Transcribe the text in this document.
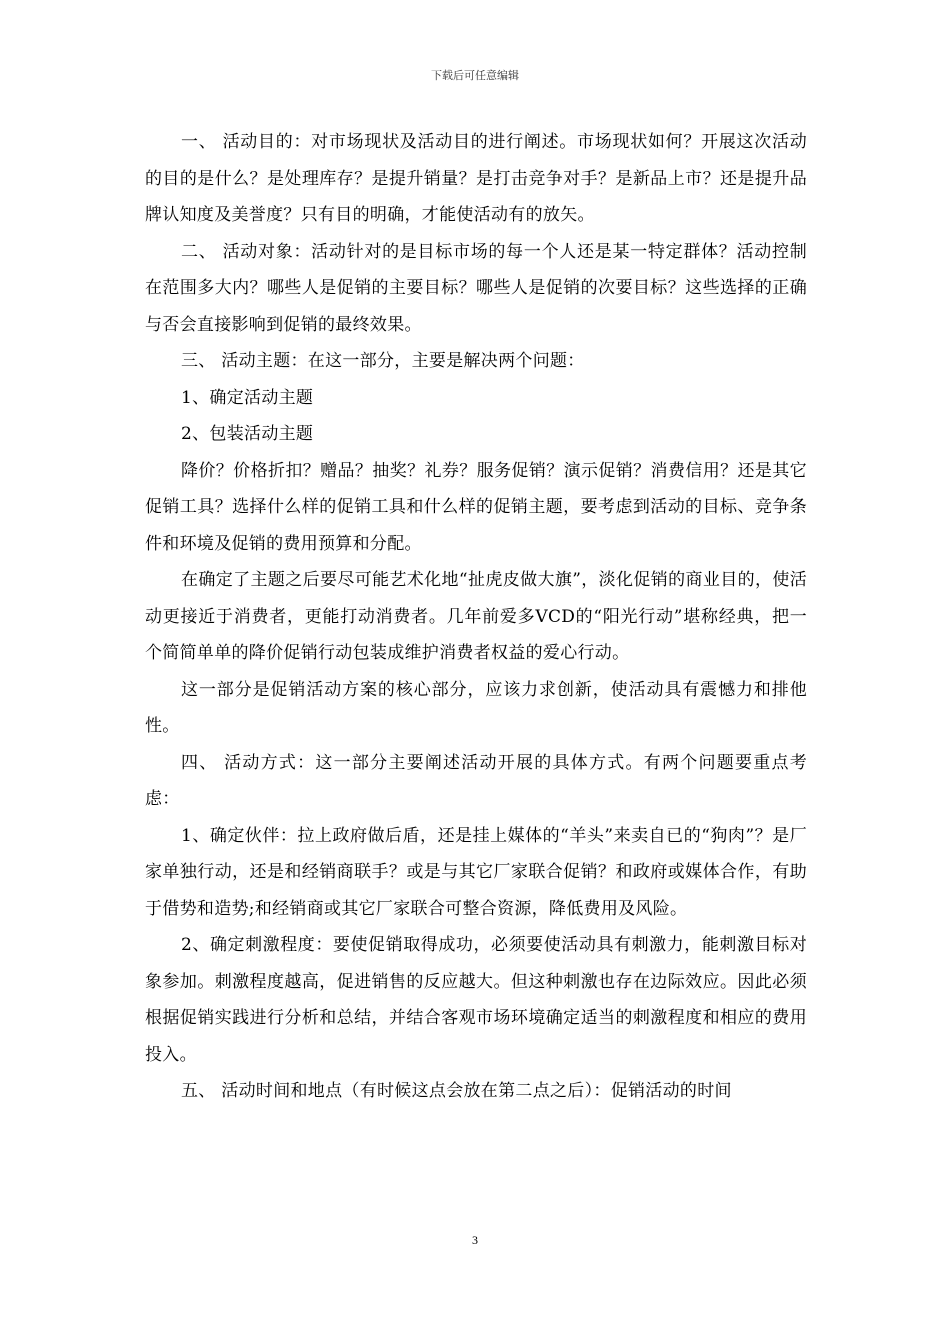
下载后可任意编辑

一、 活动目的：对市场现状及活动目的进行阐述。市场现状如何？开展这次活动的目的是什么？是处理库存？是提升销量？是打击竞争对手？是新品上市？还是提升品牌认知度及美誉度？只有目的明确，才能使活动有的放矢。

二、 活动对象：活动针对的是目标市场的每一个人还是某一特定群体？活动控制在范围多大内？哪些人是促销的主要目标？哪些人是促销的次要目标？这些选择的正确与否会直接影响到促销的最终效果。

三、 活动主题：在这一部分，主要是解决两个问题：

1、确定活动主题

2、包装活动主题

降价？价格折扣？赠品？抽奖？礼券？服务促销？演示促销？消费信用？还是其它促销工具？选择什么样的促销工具和什么样的促销主题，要考虑到活动的目标、竞争条件和环境及促销的费用预算和分配。

在确定了主题之后要尽可能艺术化地“扯虎皮做大旗”，淡化促销的商业目的，使活动更接近于消费者，更能打动消费者。几年前爱多VCD的“阳光行动”堪称经典，把一个简简单单的降价促销行动包装成维护消费者权益的爱心行动。

这一部分是促销活动方案的核心部分，应该力求创新，使活动具有震憾力和排他性。

四、 活动方式：这一部分主要阐述活动开展的具体方式。有两个问题要重点考虑：

1、确定伙伴：拉上政府做后盾，还是挂上媒体的“羊头”来卖自已的“狗肉”？是厂家单独行动，还是和经销商联手？或是与其它厂家联合促销？和政府或媒体合作，有助于借势和造势;和经销商或其它厂家联合可整合资源，降低费用及风险。

2、确定刺激程度：要使促销取得成功，必须要使活动具有刺激力，能刺激目标对象参加。刺激程度越高，促进销售的反应越大。但这种刺激也存在边际效应。因此必须根据促销实践进行分析和总结，并结合客观市场环境确定适当的刺激程度和相应的费用投入。

五、 活动时间和地点（有时候这点会放在第二点之后）：促销活动的时间

3
